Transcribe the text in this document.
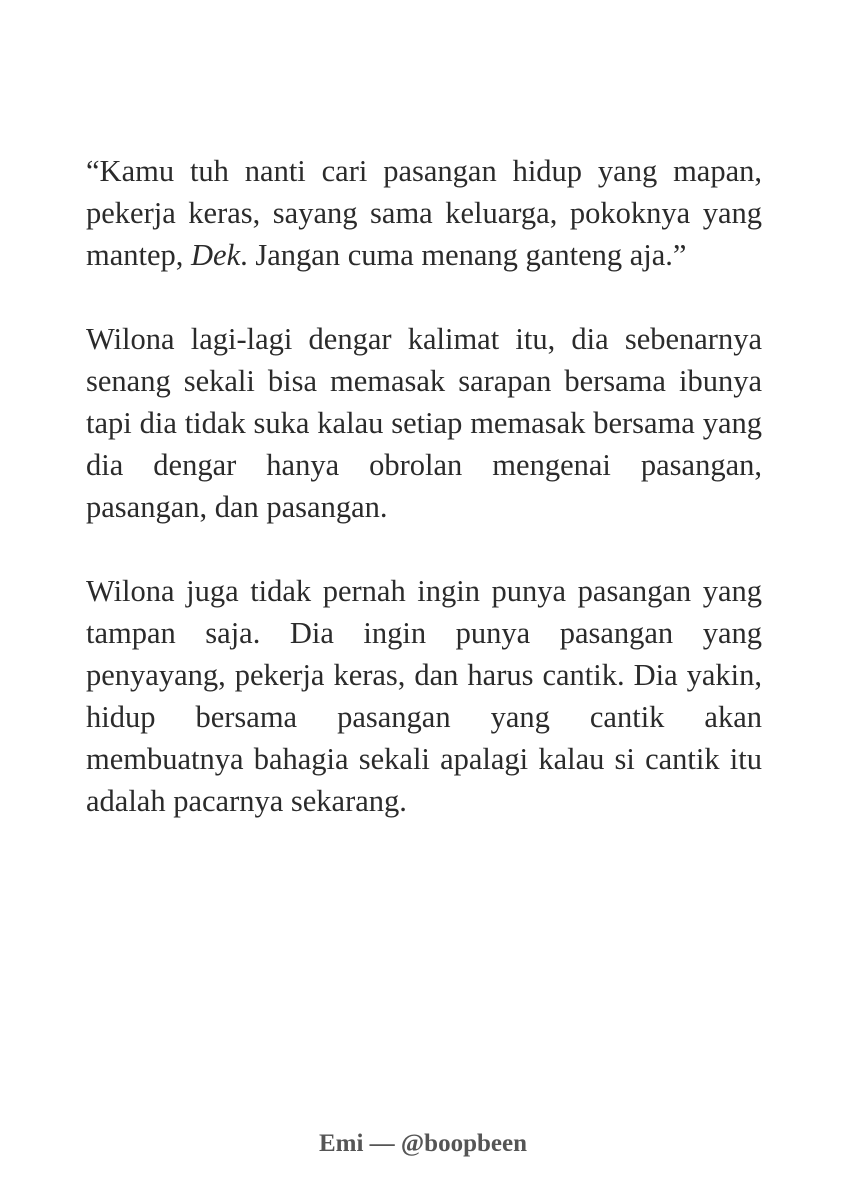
“Kamu tuh nanti cari pasangan hidup yang mapan, pekerja keras, sayang sama keluarga, pokoknya yang mantep, Dek. Jangan cuma menang ganteng aja.”

Wilona lagi-lagi dengar kalimat itu, dia sebenarnya senang sekali bisa memasak sarapan bersama ibunya tapi dia tidak suka kalau setiap memasak bersama yang dia dengar hanya obrolan mengenai pasangan, pasangan, dan pasangan.

Wilona juga tidak pernah ingin punya pasangan yang tampan saja. Dia ingin punya pasangan yang penyayang, pekerja keras, dan harus cantik. Dia yakin, hidup bersama pasangan yang cantik akan membuatnya bahagia sekali apalagi kalau si cantik itu adalah pacarnya sekarang.

Emi — @boopbeen
